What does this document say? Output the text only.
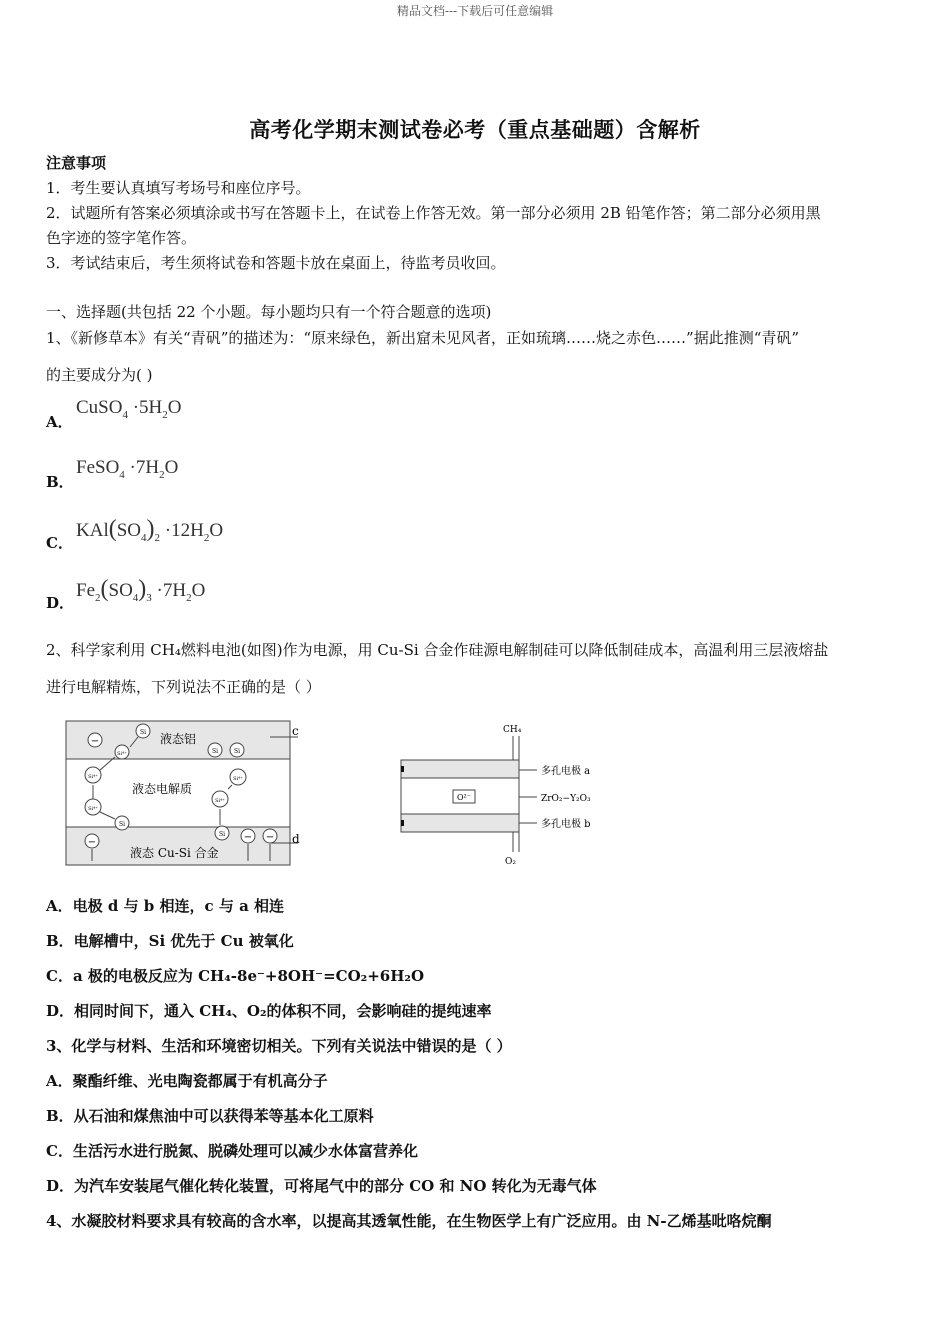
精品文档---下载后可任意编辑
高考化学期末测试卷必考（重点基础题）含解析
注意事项
1．考生要认真填写考场号和座位序号。
2．试题所有答案必须填涂或书写在答题卡上，在试卷上作答无效。第一部分必须用 2B 铅笔作答；第二部分必须用黑
色字迹的签字笔作答。
3．考试结束后，考生须将试卷和答题卡放在桌面上，待监考员收回。
一、选择题(共包括 22 个小题。每小题均只有一个符合题意的选项)
1、《新修草本》有关“青矾”的描述为：“原来绿色，新出窟未见风者，正如琉璃……烧之赤色……”据此推测“青矾”
的主要成分为( )
A．
CuSO$_4$ $\cdot 5H_2O$
B．
FeSO$_4$ $\cdot 7H_2O$
C．
$KAl(SO_4)_2 \cdot 12H_2O$
D．
$Fe_2(SO_4)_3 \cdot 7H_2O$
2、科学家利用 CH₄燃料电池(如图)作为电源，用 Cu-Si 合金作硅源电解制硅可以降低制硅成本，高温利用三层液熔盐
进行电解精炼，下列说法不正确的是（ ）
c
d
液态铝
液态电解质
液态 Cu-Si 合金
−
Si
Si⁴⁺	Si	Si
Si⁴⁺	Si⁴⁺
Si⁴⁺
Si⁴⁺
Si
Si
−	− −
CH₄
O²⁻
O₂
多孔电极 a
ZrO₂−Y₂O₃
多孔电极 b
A．电极 d 与 b 相连，c 与 a 相连
B．电解槽中，Si 优先于 Cu 被氧化
C．a 极的电极反应为 CH₄-8e⁻+8OH⁻=CO₂+6H₂O
D．相同时间下，通入 CH₄、O₂的体积不同，会影响硅的提纯速率
3、化学与材料、生活和环境密切相关。下列有关说法中错误的是（ ）
A．聚酯纤维、光电陶瓷都属于有机高分子
B．从石油和煤焦油中可以获得苯等基本化工原料
C．生活污水进行脱氮、脱磷处理可以减少水体富营养化
D．为汽车安装尾气催化转化装置，可将尾气中的部分 CO 和 NO 转化为无毒气体
4、水凝胶材料要求具有较高的含水率，以提高其透氧性能，在生物医学上有广泛应用。由 N-乙烯基吡咯烷酮
